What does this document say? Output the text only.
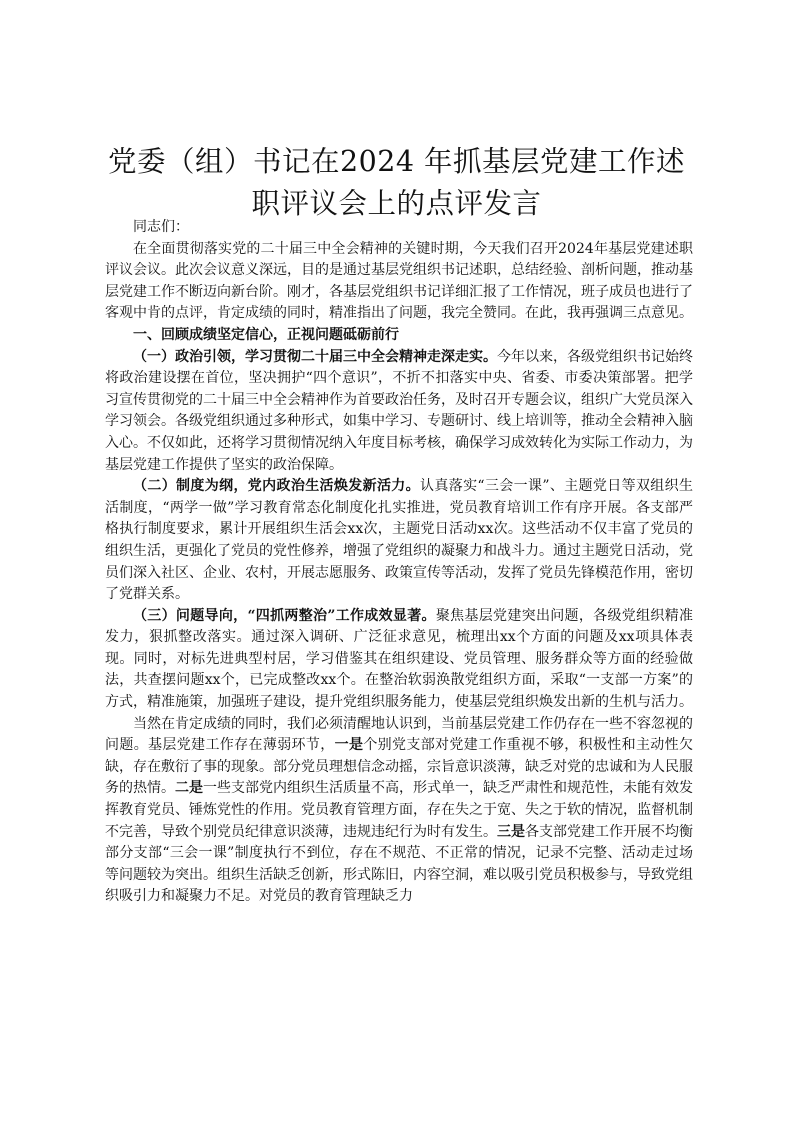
党委（组）书记在2024 年抓基层党建工作述
职评议会上的点评发言

同志们：

在全面贯彻落实党的二十届三中全会精神的关键时期，今天我们召开2024年基层党建述职评议会议。此次会议意义深远，目的是通过基层党组织书记述职，总结经验、剖析问题，推动基层党建工作不断迈向新台阶。刚才，各基层党组织书记详细汇报了工作情况，班子成员也进行了客观中肯的点评，肯定成绩的同时，精准指出了问题，我完全赞同。在此，我再强调三点意见。

一、回顾成绩坚定信心，正视问题砥砺前行

（一）政治引领，学习贯彻二十届三中全会精神走深走实。今年以来，各级党组织书记始终将政治建设摆在首位，坚决拥护“四个意识”，不折不扣落实中央、省委、市委决策部署。把学习宣传贯彻党的二十届三中全会精神作为首要政治任务，及时召开专题会议，组织广大党员深入学习领会。各级党组织通过多种形式，如集中学习、专题研讨、线上培训等，推动全会精神入脑入心。不仅如此，还将学习贯彻情况纳入年度目标考核，确保学习成效转化为实际工作动力，为基层党建工作提供了坚实的政治保障。

（二）制度为纲，党内政治生活焕发新活力。认真落实“三会一课”、主题党日等双组织生活制度，“两学一做”学习教育常态化制度化扎实推进，党员教育培训工作有序开展。各支部严格执行制度要求，累计开展组织生活会xx次，主题党日活动xx次。这些活动不仅丰富了党员的组织生活，更强化了党员的党性修养，增强了党组织的凝聚力和战斗力。通过主题党日活动，党员们深入社区、企业、农村，开展志愿服务、政策宣传等活动，发挥了党员先锋模范作用，密切了党群关系。

（三）问题导向，“四抓两整治”工作成效显著。聚焦基层党建突出问题，各级党组织精准发力，狠抓整改落实。通过深入调研、广泛征求意见，梳理出xx个方面的问题及xx项具体表现。同时，对标先进典型村居，学习借鉴其在组织建设、党员管理、服务群众等方面的经验做法，共查摆问题xx个，已完成整改xx个。在整治软弱涣散党组织方面，采取“一支部一方案”的方式，精准施策，加强班子建设，提升党组织服务能力，使基层党组织焕发出新的生机与活力。

当然在肯定成绩的同时，我们必须清醒地认识到，当前基层党建工作仍存在一些不容忽视的问题。基层党建工作存在薄弱环节，一是个别党支部对党建工作重视不够，积极性和主动性欠缺，存在敷衍了事的现象。部分党员理想信念动摇，宗旨意识淡薄，缺乏对党的忠诚和为人民服务的热情。二是一些支部党内组织生活质量不高，形式单一，缺乏严肃性和规范性，未能有效发挥教育党员、锤炼党性的作用。党员教育管理方面，存在失之于宽、失之于软的情况，监督机制不完善，导致个别党员纪律意识淡薄，违规违纪行为时有发生。三是各支部党建工作开展不均衡部分支部“三会一课”制度执行不到位，存在不规范、不正常的情况，记录不完整、活动走过场等问题较为突出。组织生活缺乏创新，形式陈旧，内容空洞，难以吸引党员积极参与，导致党组织吸引力和凝聚力不足。对党员的教育管理缺乏力
